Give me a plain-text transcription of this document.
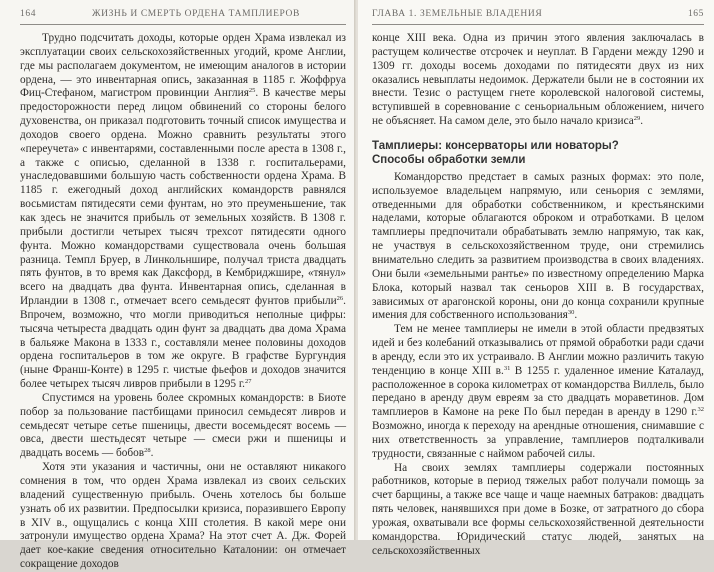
164	ЖИЗНЬ И СМЕРТЬ ОРДЕНА ТАМПЛИЕРОВ

Трудно подсчитать доходы, которые орден Храма извлекал из эксплуатации своих сельскохозяйственных угодий, кроме Англии, где мы располагаем документом, не имеющим аналогов в истории ордена, — это инвентарная опись, заказанная в 1185 г. Жоффруа Фиц-Стефаном, магистром провинции Англия$^{25}$. В качестве меры предосторожности перед лицом обвинений со стороны белого духовенства, он приказал подготовить точный список имущества и доходов своего ордена. Можно сравнить результаты этого «переучета» с инвентарями, составленными после ареста в 1308 г., а также с описью, сделанной в 1338 г. госпитальерами, унаследовавшими большую часть собственности ордена Храма. В 1185 г. ежегодный доход английских командорств равнялся восьмистам пятидесяти семи фунтам, но это преуменьшение, так как здесь не значится прибыль от земельных хозяйств. В 1308 г. прибыли достигли четырех тысяч трехсот пятидесяти одного фунта. Можно командорствами существовала очень большая разница. Темпл Бруер, в Линкольншире, получал триста двадцать пять фунтов, в то время как Даксфорд, в Кембриджшире, «тянул» всего на двадцать два фунта. Инвентарная опись, сделанная в Ирландии в 1308 г., отмечает всего семьдесят фунтов прибыли$^{26}$. Впрочем, возможно, что могли приводиться неполные цифры: тысяча четыреста двадцать один фунт за двадцать два дома Храма в бальяже Макона в 1333 г., составляли менее половины доходов ордена госпитальеров в том же округе. В графстве Бургундия (ныне Франш-Конте) в 1295 г. чистые фьефов и доходов значится более четырех тысяч ливров прибыли в 1295 г.$^{27}$

Спустимся на уровень более скромных командорств: в Биоте побор за пользование пастбищами приносил семьдесят ливров и семьдесят четыре сетье пшеницы, двести восемьдесят восемь — овса, двести шестьдесят четыре — смеси ржи и пшеницы и двадцать восемь — бобов$^{28}$.

Хотя эти указания и частичны, они не оставляют никакого сомнения в том, что орден Храма извлекал из своих сельских владений существенную прибыль. Очень хотелось бы больше узнать об их развитии. Предпосылки кризиса, поразившего Европу в XIV в., ощущались с конца XIII столетия. В какой мере они затронули имущество ордена Храма? На этот счет А. Дж. Форей дает кое-какие сведения относительно Каталонии: он отмечает сокращение доходов

ГЛАВА 1. ЗЕМЕЛЬНЫЕ ВЛАДЕНИЯ	165

конце XIII века. Одна из причин этого явления заключалась в растущем количестве отсрочек и неуплат. В Гардени между 1290 и 1309 гг. доходы восемь доходами по пятидесяти двух из них оказались невыплаты недоимок. Держатели были не в состоянии их внести. Тезис о растущем гнете королевской налоговой системы, вступившей в соревнование с сеньориальным обложением, ничего не объясняет. На самом деле, это было начало кризиса$^{29}$.

Тамплиеры: консерваторы или новаторы?
Способы обработки земли

Командорство предстает в самых разных формах: это поле, используемое владельцем напрямую, или сеньория с землями, отведенными для обработки собственником, и крестьянскими наделами, которые облагаются оброком и отработками. В целом тамплиеры предпочитали обрабатывать землю напрямую, так как, не участвуя в сельскохозяйственном труде, они стремились внимательно следить за развитием производства в своих владениях. Они были «земельными рантье» по известному определению Марка Блока, который назвал так сеньоров XIII в. В государствах, зависимых от арагонской короны, они до конца сохранили крупные имения для собственного использования$^{30}$.

Тем не менее тамплиеры не имели в этой области предвзятых идей и без колебаний отказывались от прямой обработки ради сдачи в аренду, если это их устраивало. В Англии можно различить такую тенденцию в конце XIII в.$^{31}$ В 1255 г. удаленное имение Каталауд, расположенное в сорока километрах от командорства Виллель, было передано в аренду двум евреям за сто двадцать мораветинов. Дом тамплиеров в Камоне на реке По был передан в аренду в 1290 г.$^{32}$ Возможно, иногда к переходу на арендные отношения, снимавшие с них ответственность за управление, тамплиеров подталкивали трудности, связанные с наймом рабочей силы.

На своих землях тамплиеры содержали постоянных работников, которые в период тяжелых работ получали помощь за счет барщины, а также все чаще и чаще наемных батраков: двадцать пять человек, нанявшихся при доме в Бозке, от затратного до сбора урожая, охватывали все формы сельскохозяйственной деятельности командорства. Юридический статус людей, занятых на сельскохозяйственных
